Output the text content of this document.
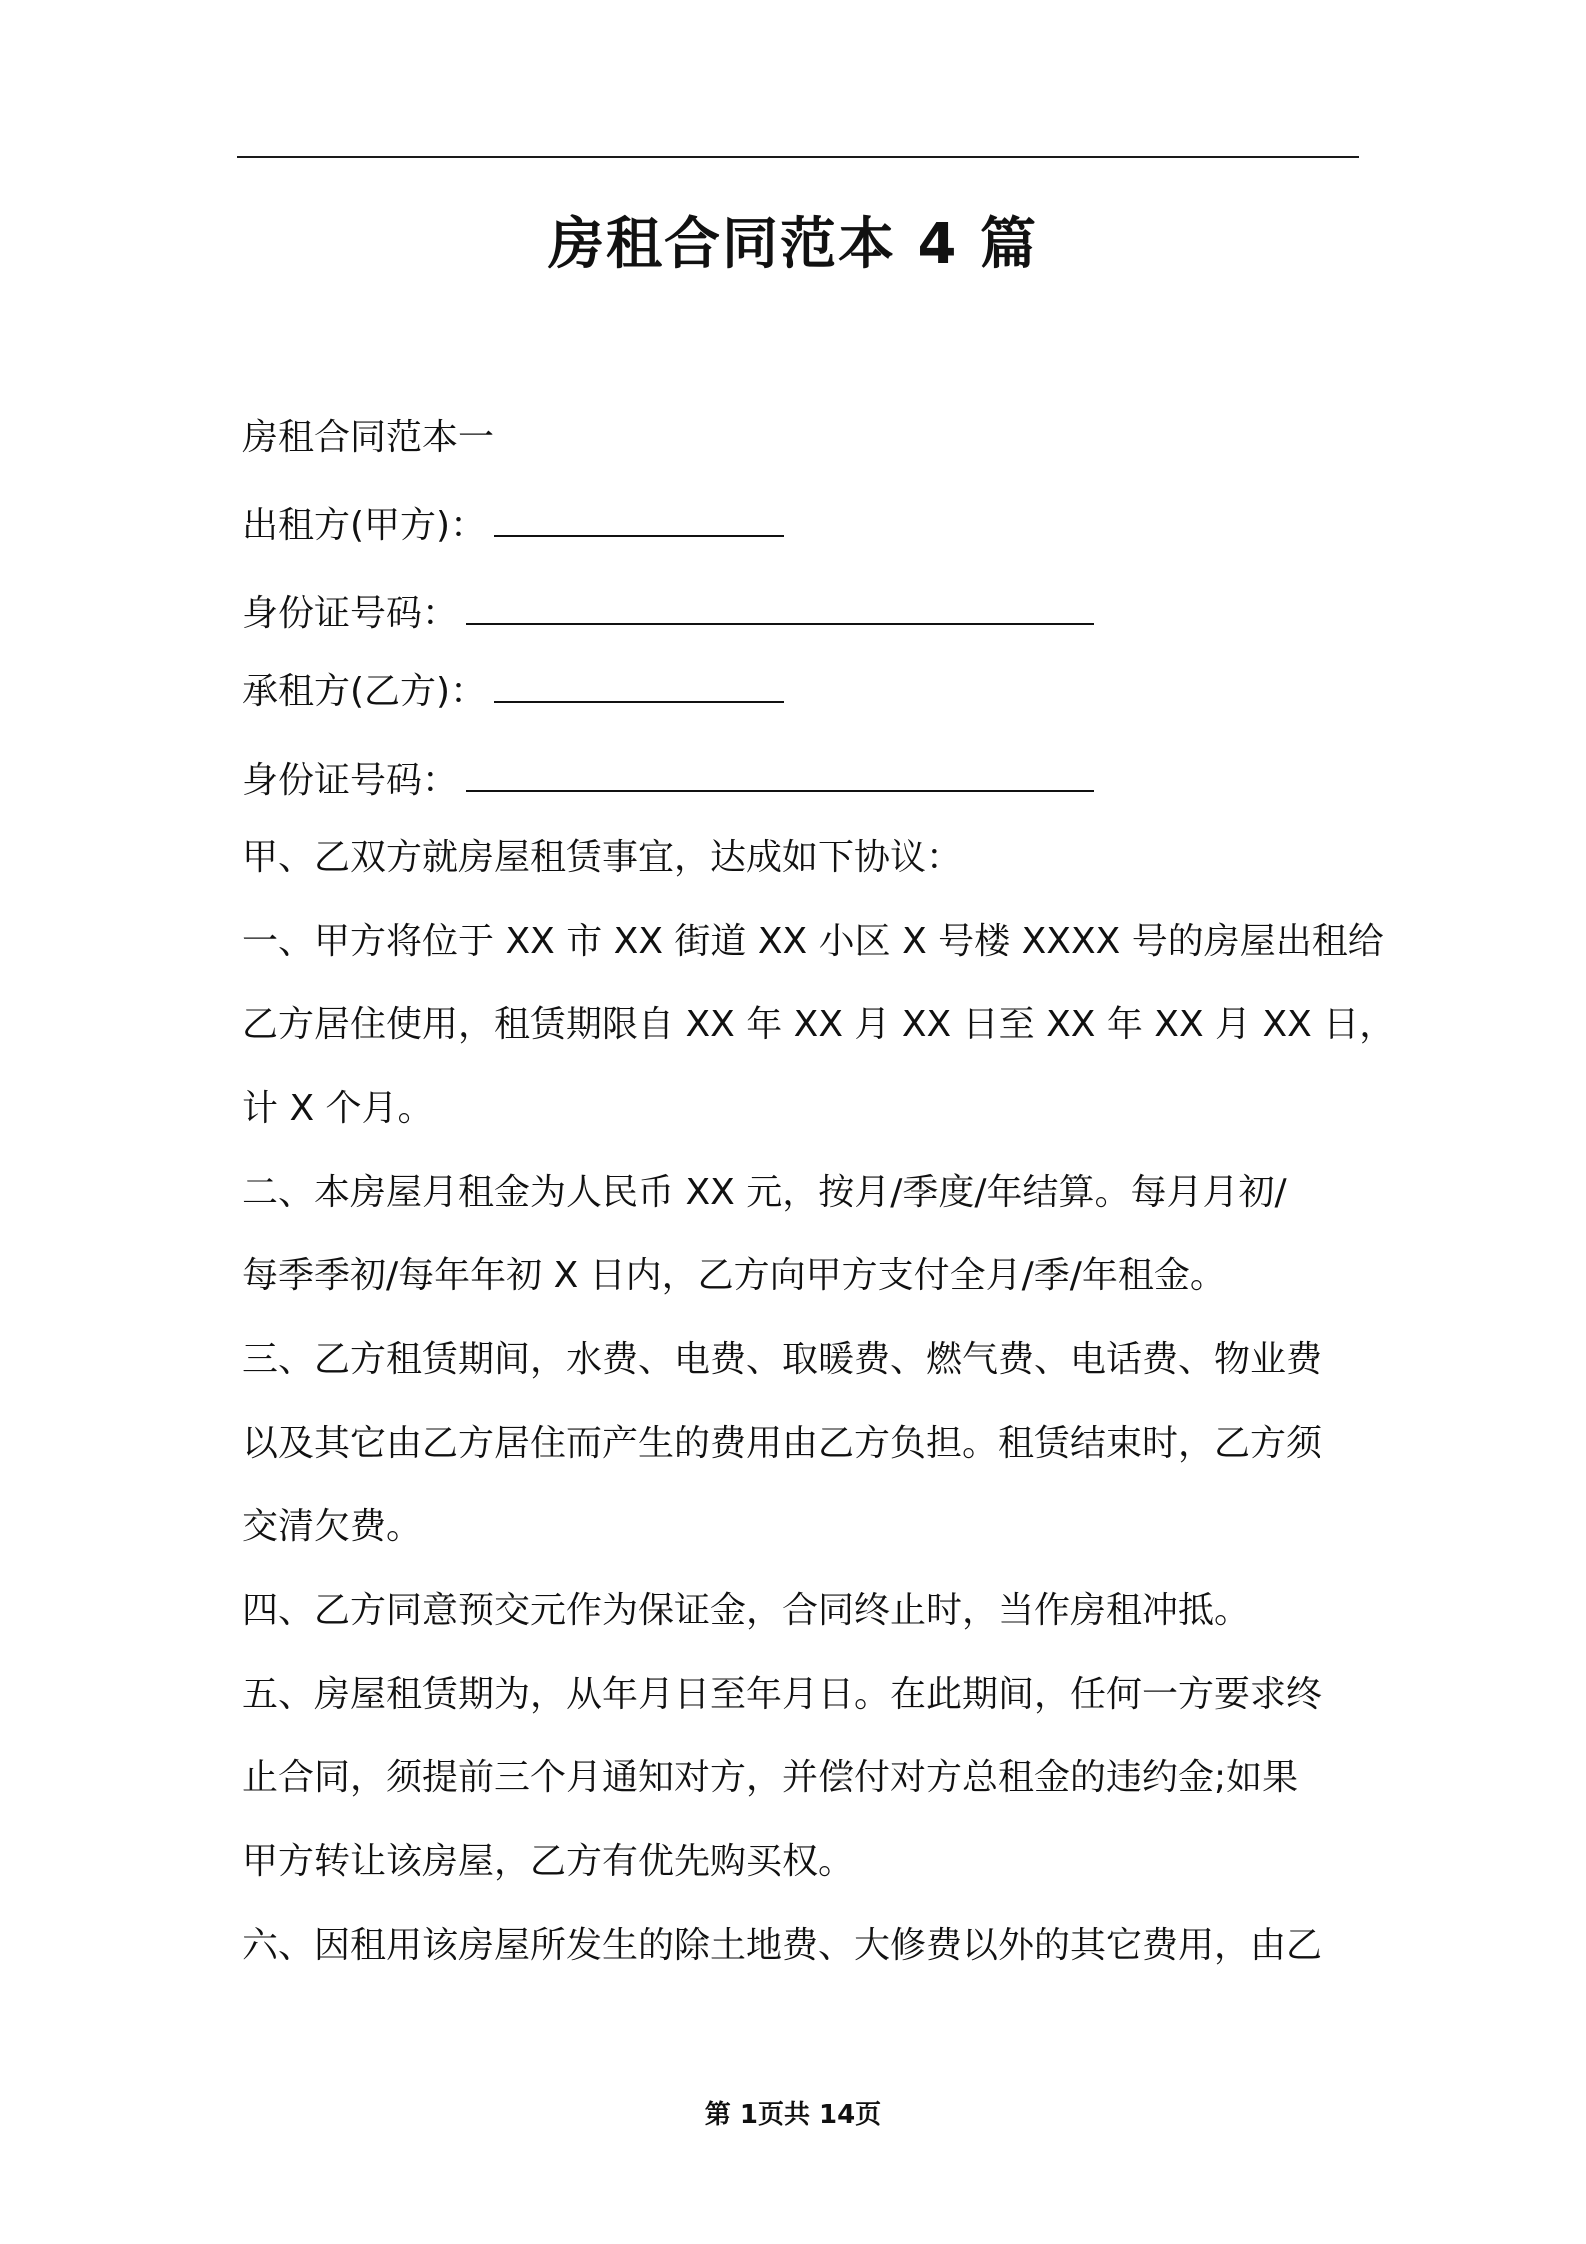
房租合同范本 4 篇
房租合同范本一
出租方(甲方)：
身份证号码：
承租方(乙方)：
身份证号码：
甲、乙双方就房屋租赁事宜，达成如下协议：
一、甲方将位于 XX 市 XX 街道 XX 小区 X 号楼 XXXX 号的房屋出租给
乙方居住使用，租赁期限自 XX 年 XX 月 XX 日至 XX 年 XX 月 XX 日，
计 X 个月。
二、本房屋月租金为人民币 XX 元，按月/季度/年结算。每月月初/
每季季初/每年年初 X 日内，乙方向甲方支付全月/季/年租金。
三、乙方租赁期间，水费、电费、取暖费、燃气费、电话费、物业费
以及其它由乙方居住而产生的费用由乙方负担。租赁结束时，乙方须
交清欠费。
四、乙方同意预交元作为保证金，合同终止时，当作房租冲抵。
五、房屋租赁期为，从年月日至年月日。在此期间，任何一方要求终
止合同，须提前三个月通知对方，并偿付对方总租金的违约金;如果
甲方转让该房屋，乙方有优先购买权。
六、因租用该房屋所发生的除土地费、大修费以外的其它费用，由乙
第 1页共 14页
